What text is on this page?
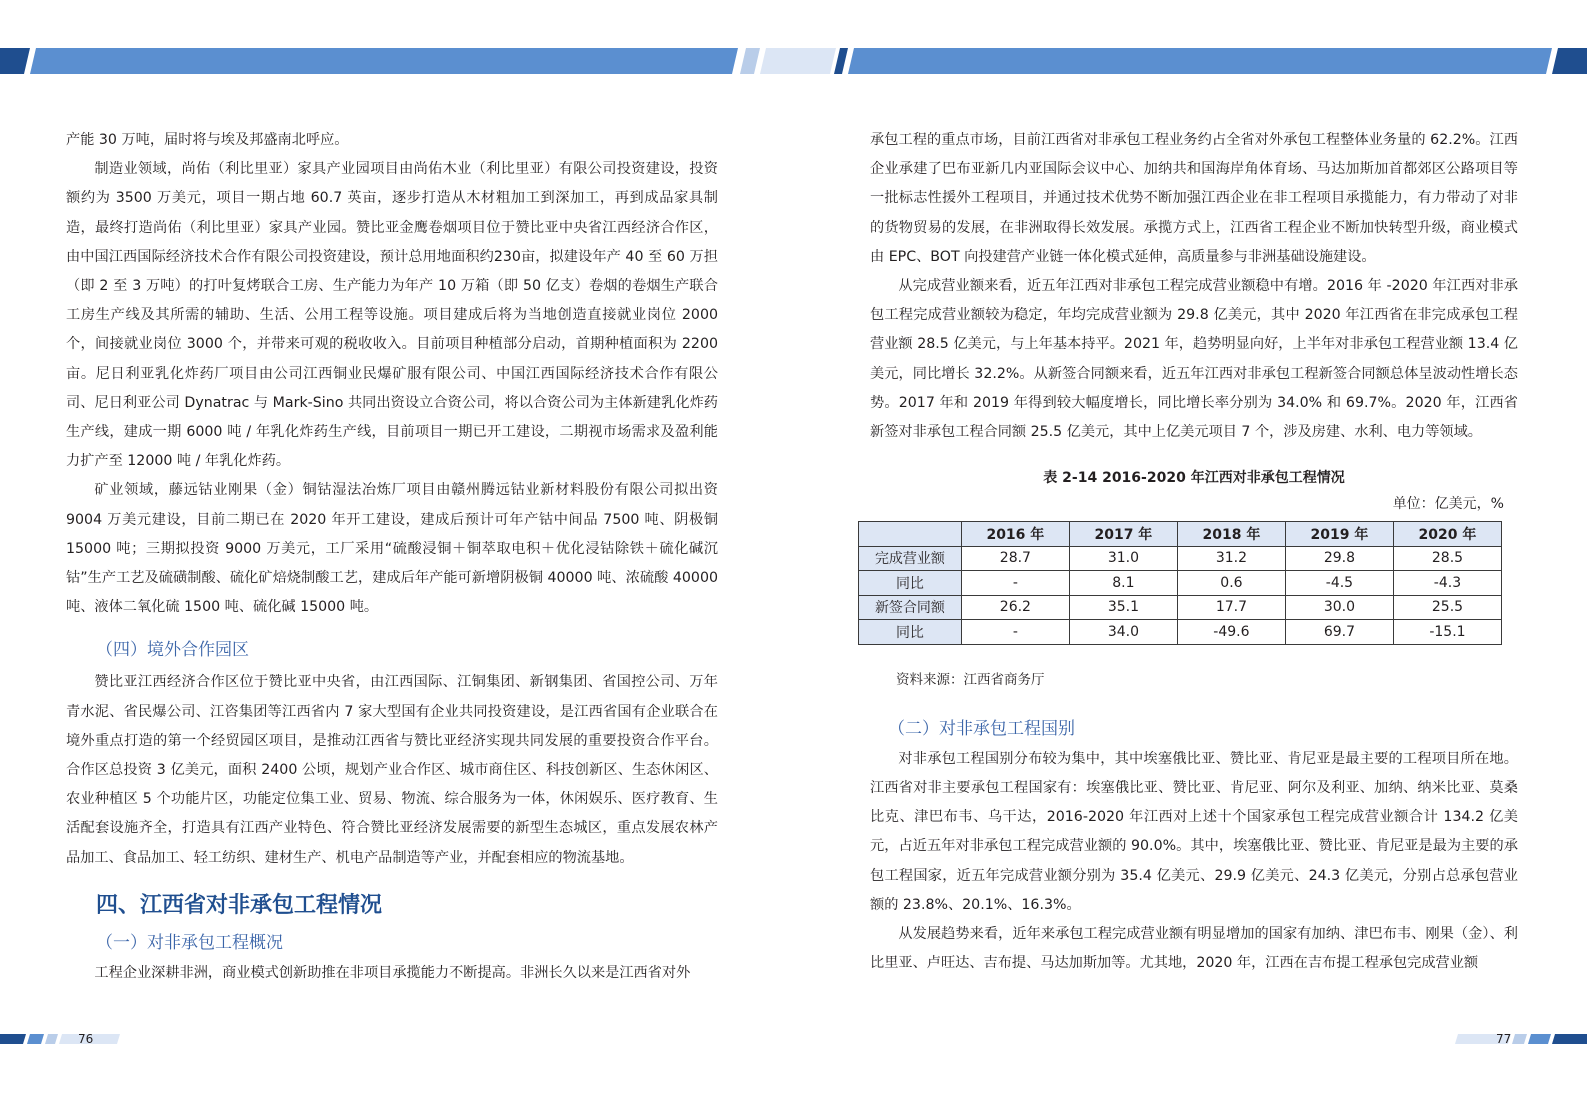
76	77

产能 30 万吨，届时将与埃及邦盛南北呼应。

制造业领域，尚佑（利比里亚）家具产业园项目由尚佑木业（利比里亚）有限公司投资建设，投资额约为 3500 万美元，项目一期占地 60.7 英亩，逐步打造从木材粗加工到深加工，再到成品家具制造，最终打造尚佑（利比里亚）家具产业园。赞比亚金鹰卷烟项目位于赞比亚中央省江西经济合作区，由中国江西国际经济技术合作有限公司投资建设，预计总用地面积约230亩，拟建设年产 40 至 60 万担（即 2 至 3 万吨）的打叶复烤联合工房、生产能力为年产 10 万箱（即 50 亿支）卷烟的卷烟生产联合工房生产线及其所需的辅助、生活、公用工程等设施。项目建成后将为当地创造直接就业岗位 2000 个，间接就业岗位 3000 个，并带来可观的税收收入。目前项目种植部分启动，首期种植面积为 2200 亩。尼日利亚乳化炸药厂项目由公司江西铜业民爆矿服有限公司、中国江西国际经济技术合作有限公司、尼日利亚公司 Dynatrac 与 Mark-Sino 共同出资设立合资公司，将以合资公司为主体新建乳化炸药生产线，建成一期 6000 吨 / 年乳化炸药生产线，目前项目一期已开工建设，二期视市场需求及盈利能力扩产至 12000 吨 / 年乳化炸药。

矿业领域，藤远钴业刚果（金）铜钴湿法冶炼厂项目由赣州腾远钴业新材料股份有限公司拟出资 9004 万美元建设，目前二期已在 2020 年开工建设，建成后预计可年产钴中间品 7500 吨、阴极铜 15000 吨；三期拟投资 9000 万美元，工厂采用“硫酸浸铜＋铜萃取电积＋优化浸钴除铁＋硫化碱沉钴”生产工艺及硫磺制酸、硫化矿焙烧制酸工艺，建成后年产能可新增阴极铜 40000 吨、浓硫酸 40000 吨、液体二氧化硫 1500 吨、硫化碱 15000 吨。

（四）境外合作园区

赞比亚江西经济合作区位于赞比亚中央省，由江西国际、江铜集团、新钢集团、省国控公司、万年青水泥、省民爆公司、江咨集团等江西省内 7 家大型国有企业共同投资建设，是江西省国有企业联合在境外重点打造的第一个经贸园区项目，是推动江西省与赞比亚经济实现共同发展的重要投资合作平台。合作区总投资 3 亿美元，面积 2400 公顷，规划产业合作区、城市商住区、科技创新区、生态休闲区、农业种植区 5 个功能片区，功能定位集工业、贸易、物流、综合服务为一体，休闲娱乐、医疗教育、生活配套设施齐全，打造具有江西产业特色、符合赞比亚经济发展需要的新型生态城区，重点发展农林产品加工、食品加工、轻工纺织、建材生产、机电产品制造等产业，并配套相应的物流基地。

四、江西省对非承包工程情况
（一）对非承包工程概况

工程企业深耕非洲，商业模式创新助推在非项目承揽能力不断提高。非洲长久以来是江西省对外

承包工程的重点市场，目前江西省对非承包工程业务约占全省对外承包工程整体业务量的 62.2%。江西企业承建了巴布亚新几内亚国际会议中心、加纳共和国海岸角体育场、马达加斯加首都郊区公路项目等一批标志性援外工程项目，并通过技术优势不断加强江西企业在非工程项目承揽能力，有力带动了对非的货物贸易的发展，在非洲取得长效发展。承揽方式上，江西省工程企业不断加快转型升级，商业模式由 EPC、BOT 向投建营产业链一体化模式延伸，高质量参与非洲基础设施建设。

从完成营业额来看，近五年江西对非承包工程完成营业额稳中有增。2016 年 -2020 年江西对非承包工程完成营业额较为稳定，年均完成营业额为 29.8 亿美元，其中 2020 年江西省在非完成承包工程营业额 28.5 亿美元，与上年基本持平。2021 年，趋势明显向好，上半年对非承包工程营业额 13.4 亿美元，同比增长 32.2%。从新签合同额来看，近五年江西对非承包工程新签合同额总体呈波动性增长态势。2017 年和 2019 年得到较大幅度增长，同比增长率分别为 34.0% 和 69.7%。2020 年，江西省新签对非承包工程合同额 25.5 亿美元，其中上亿美元项目 7 个，涉及房建、水利、电力等领域。

表 2-14 2016-2020 年江西对非承包工程情况
单位：亿美元，%
	2016 年	2017 年	2018 年	2019 年	2020 年
完成营业额	28.7	31.0	31.2	29.8	28.5
同比	-	8.1	0.6	-4.5	-4.3
新签合同额	26.2	35.1	17.7	30.0	25.5
同比	-	34.0	-49.6	69.7	-15.1
资料来源：江西省商务厅
（二）对非承包工程国别

对非承包工程国别分布较为集中，其中埃塞俄比亚、赞比亚、肯尼亚是最主要的工程项目所在地。江西省对非主要承包工程国家有：埃塞俄比亚、赞比亚、肯尼亚、阿尔及利亚、加纳、纳米比亚、莫桑比克、津巴布韦、乌干达，2016-2020 年江西对上述十个国家承包工程完成营业额合计 134.2 亿美元，占近五年对非承包工程完成营业额的 90.0%。其中，埃塞俄比亚、赞比亚、肯尼亚是最为主要的承包工程国家，近五年完成营业额分别为 35.4 亿美元、29.9 亿美元、24.3 亿美元，分别占总承包营业额的 23.8%、20.1%、16.3%。

从发展趋势来看，近年来承包工程完成营业额有明显增加的国家有加纳、津巴布韦、刚果（金）、利比里亚、卢旺达、吉布提、马达加斯加等。尤其地，2020 年，江西在吉布提工程承包完成营业额
